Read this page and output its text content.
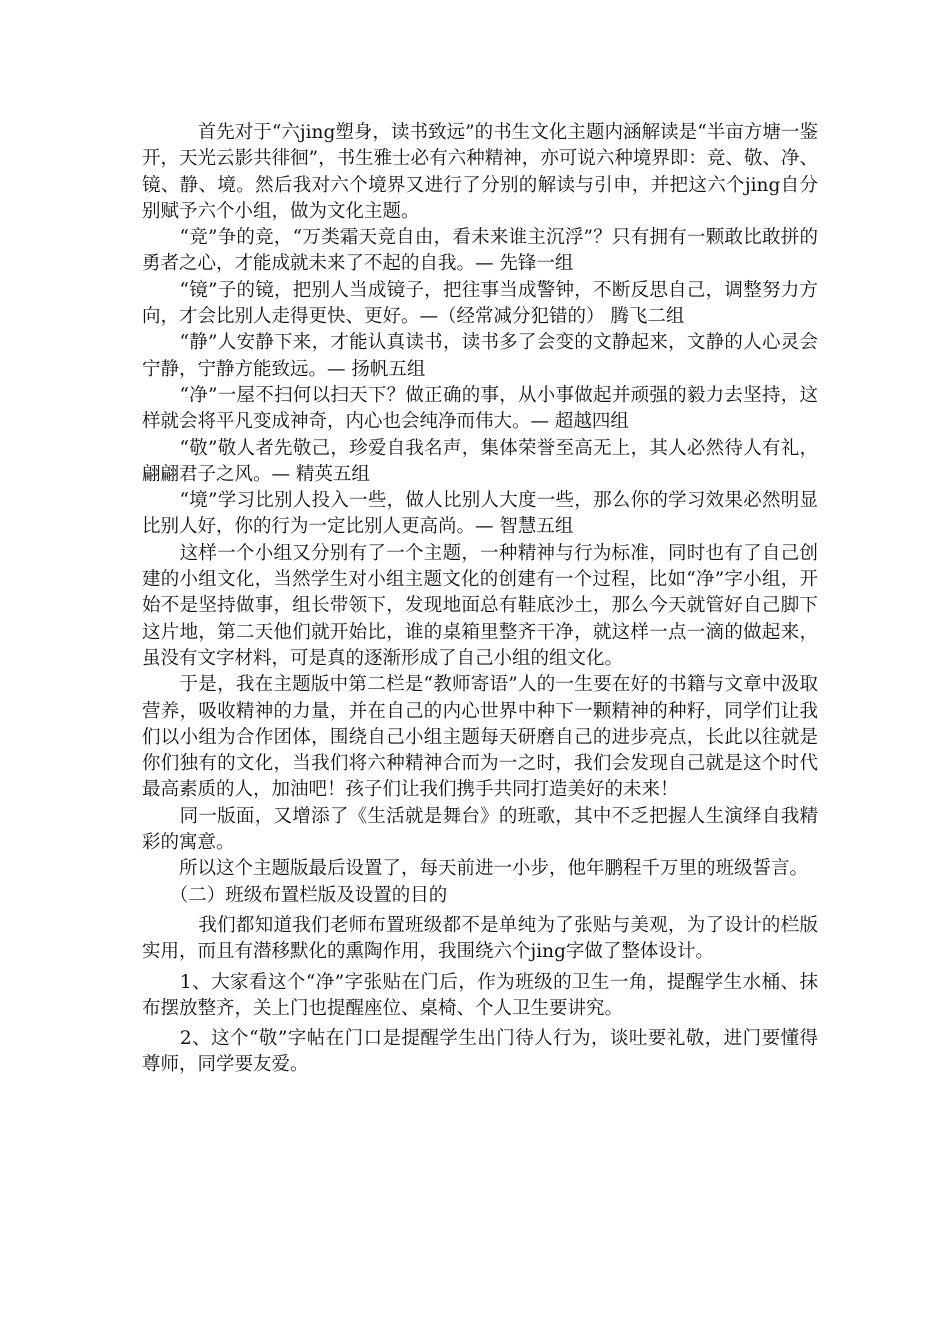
　　　首先对于“六jing塑身，读书致远”的书生文化主题内涵解读是“半亩方塘一鉴开，天光云影共徘徊”，书生雅士必有六种精神，亦可说六种境界即：竞、敬、净、镜、静、境。然后我对六个境界又进行了分别的解读与引申，并把这六个jing自分别赋予六个小组，做为文化主题。

　　“竞”争的竞，“万类霜天竞自由，看未来谁主沉浮”？只有拥有一颗敢比敢拼的勇者之心，才能成就未来了不起的自我。— 先锋一组

　　“镜”子的镜，把别人当成镜子，把往事当成警钟，不断反思自己，调整努力方向，才会比别人走得更快、更好。—（经常减分犯错的） 腾飞二组

　　“静”人安静下来，才能认真读书，读书多了会变的文静起来，文静的人心灵会宁静，宁静方能致远。— 扬帆五组

　　“净”一屋不扫何以扫天下？做正确的事，从小事做起并顽强的毅力去坚持，这样就会将平凡变成神奇，内心也会纯净而伟大。— 超越四组

　　“敬”敬人者先敬己，珍爱自我名声，集体荣誉至高无上，其人必然待人有礼，翩翩君子之风。— 精英五组

　　“境”学习比别人投入一些，做人比别人大度一些，那么你的学习效果必然明显比别人好，你的行为一定比别人更高尚。— 智慧五组

　　这样一个小组又分别有了一个主题，一种精神与行为标准，同时也有了自己创建的小组文化，当然学生对小组主题文化的创建有一个过程，比如“净”字小组，开始不是坚持做事，组长带领下，发现地面总有鞋底沙土，那么今天就管好自己脚下这片地，第二天他们就开始比，谁的桌箱里整齐干净，就这样一点一滴的做起来，虽没有文字材料，可是真的逐渐形成了自己小组的组文化。

　　于是，我在主题版中第二栏是“教师寄语”人的一生要在好的书籍与文章中汲取营养，吸收精神的力量，并在自己的内心世界中种下一颗精神的种籽，同学们让我们以小组为合作团体，围绕自己小组主题每天研磨自己的进步亮点，长此以往就是你们独有的文化，当我们将六种精神合而为一之时，我们会发现自己就是这个时代最高素质的人，加油吧！孩子们让我们携手共同打造美好的未来！

　　同一版面，又增添了《生活就是舞台》的班歌，其中不乏把握人生演绎自我精彩的寓意。

　　所以这个主题版最后设置了，每天前进一小步，他年鹏程千万里的班级誓言。

　　（二）班级布置栏版及设置的目的

　　　我们都知道我们老师布置班级都不是单纯为了张贴与美观，为了设计的栏版实用，而且有潜移默化的熏陶作用，我围绕六个jing字做了整体设计。

　　1、大家看这个“净”字张贴在门后，作为班级的卫生一角，提醒学生水桶、抹布摆放整齐，关上门也提醒座位、桌椅、个人卫生要讲究。

　　2、这个“敬”字帖在门口是提醒学生出门待人行为，谈吐要礼敬，进门要懂得尊师，同学要友爱。
